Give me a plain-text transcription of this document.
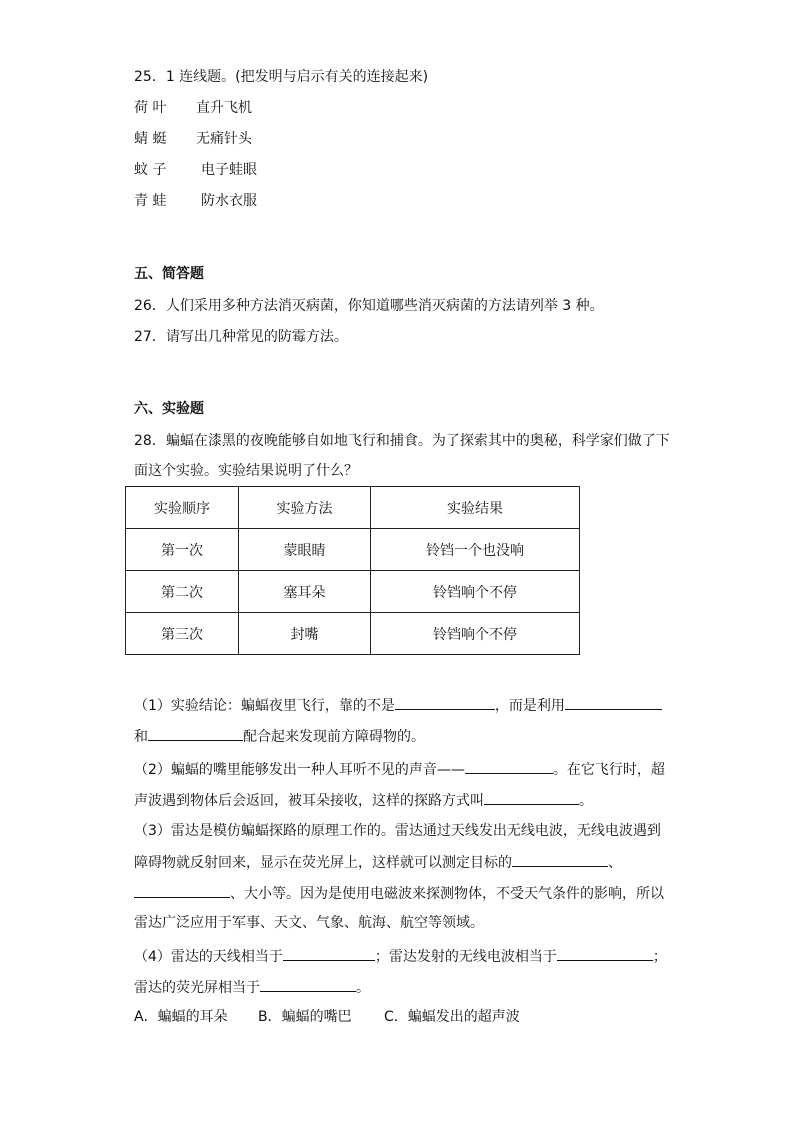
25．1 连线题。(把发明与启示有关的连接起来)
荷 叶 直升飞机
蜻 蜓 无痛针头
蚊 子 电子蛙眼
青 蛙 防水衣服
五、简答题
26．人们采用多种方法消灭病菌，你知道哪些消灭病菌的方法请列举 3 种。
27．请写出几种常见的防霉方法。
六、实验题
28．蝙蝠在漆黑的夜晚能够自如地飞行和捕食。为了探索其中的奥秘，科学家们做了下
面这个实验。实验结果说明了什么？
实验顺序	实验方法	实验结果
第一次	蒙眼睛	铃铛一个也没响
第二次	塞耳朵	铃铛响个不停
第三次	封嘴	铃铛响个不停
（1）实验结论：蝙蝠夜里飞行，靠的不是	，而是利用
和	配合起来发现前方障碍物的。
（2）蝙蝠的嘴里能够发出一种人耳听不见的声音——	。在它飞行时，超
声波遇到物体后会返回，被耳朵接收，这样的探路方式叫	。
（3）雷达是模仿蝙蝠探路的原理工作的。雷达通过天线发出无线电波，无线电波遇到
障碍物就反射回来，显示在荧光屏上，这样就可以测定目标的	、
、大小等。因为是使用电磁波来探测物体，不受天气条件的影响，所以
雷达广泛应用于军事、天文、气象、航海、航空等领域。
（4）雷达的天线相当于	；雷达发射的无线电波相当于	；
雷达的荧光屏相当于	。
A．蝙蝠的耳朵 B．蝙蝠的嘴巴 C．蝙蝠发出的超声波
